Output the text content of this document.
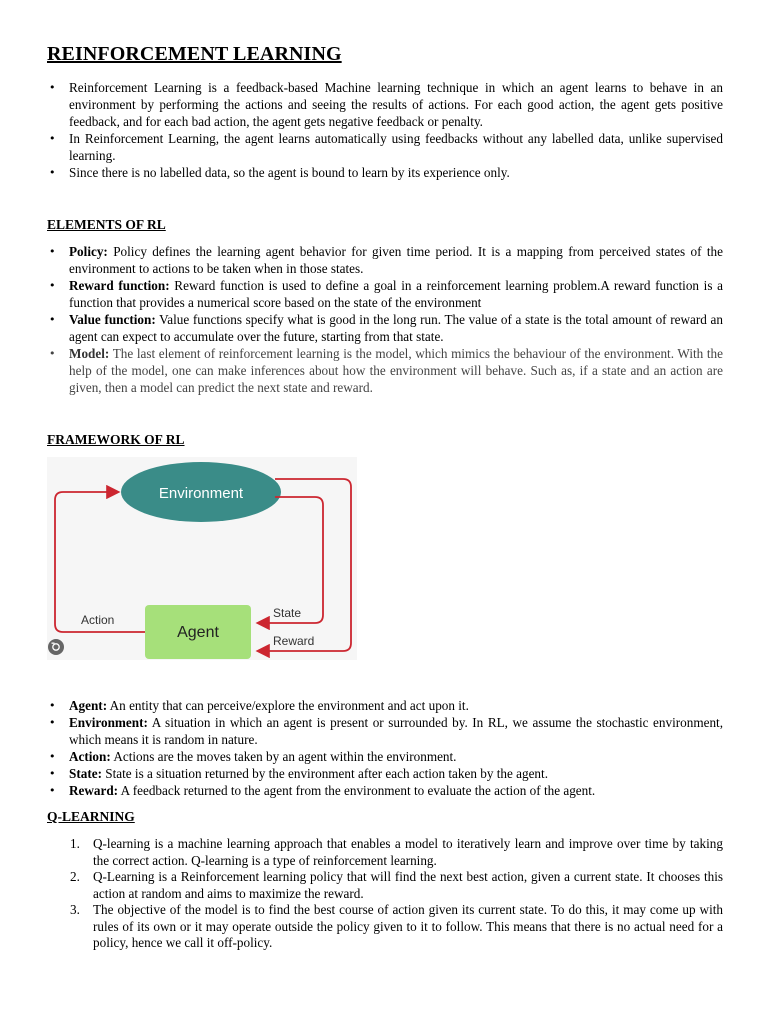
REINFORCEMENT LEARNING
• Reinforcement Learning is a feedback-based Machine learning technique in which an agent learns to behave in an environment by performing the actions and seeing the results of actions. For each good action, the agent gets positive feedback, and for each bad action, the agent gets negative feedback or penalty.
• In Reinforcement Learning, the agent learns automatically using feedbacks without any labelled data, unlike supervised learning.
• Since there is no labelled data, so the agent is bound to learn by its experience only.
ELEMENTS OF RL
• Policy: Policy defines the learning agent behavior for given time period. It is a mapping from perceived states of the environment to actions to be taken when in those states.
• Reward function: Reward function is used to define a goal in a reinforcement learning problem.A reward function is a function that provides a numerical score based on the state of the environment
• Value function: Value functions specify what is good in the long run. The value of a state is the total amount of reward an agent can expect to accumulate over the future, starting from that state.
• Model: The last element of reinforcement learning is the model, which mimics the behaviour of the environment. With the help of the model, one can make inferences about how the environment will behave. Such as, if a state and an action are given, then a model can predict the next state and reward.
FRAMEWORK OF RL
Environment
Agent
Action	State
Reward
• Agent: An entity that can perceive/explore the environment and act upon it.
• Environment: A situation in which an agent is present or surrounded by. In RL, we assume the stochastic environment, which means it is random in nature.
• Action: Actions are the moves taken by an agent within the environment.
• State: State is a situation returned by the environment after each action taken by the agent.
• Reward: A feedback returned to the agent from the environment to evaluate the action of the agent.
Q-LEARNING
1. Q-learning is a machine learning approach that enables a model to iteratively learn and improve over time by taking the correct action. Q-learning is a type of reinforcement learning.
2. Q-Learning is a Reinforcement learning policy that will find the next best action, given a current state. It chooses this action at random and aims to maximize the reward.
3. The objective of the model is to find the best course of action given its current state. To do this, it may come up with rules of its own or it may operate outside the policy given to it to follow. This means that there is no actual need for a policy, hence we call it off-policy.
